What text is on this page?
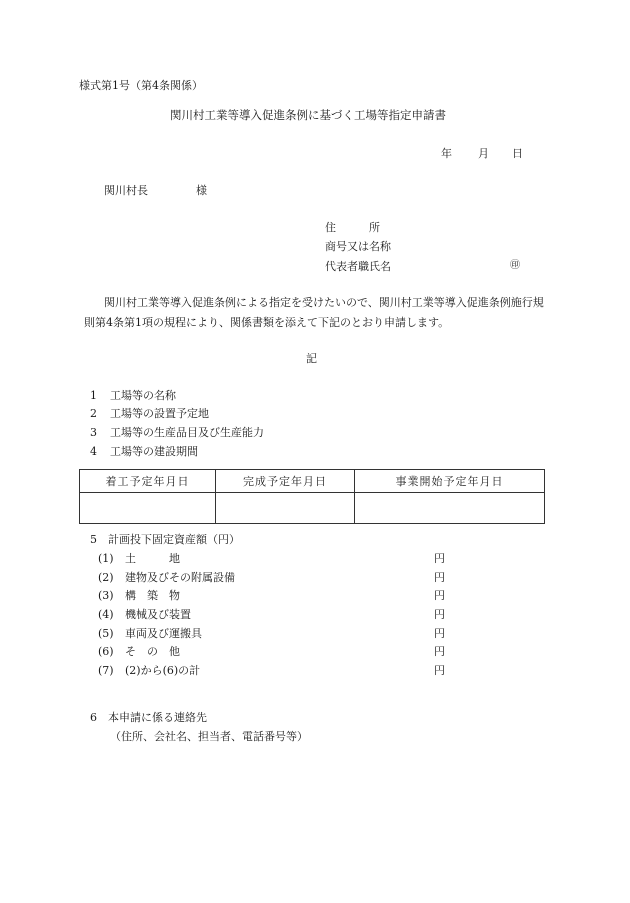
様式第1号（第4条関係）
関川村工業等導入促進条例に基づく工場等指定申請書
年 月 日
関川村長	様
住　　　所
商号又は名称
代表者職氏名	㊞
関川村工業等導入促進条例による指定を受けたいので、関川村工業等導入促進条例施行規則第4条第1項の規程により、関係書類を添えて下記のとおり申請します。
記
1 工場等の名称
2 工場等の設置予定地
3 工場等の生産品目及び生産能力
4 工場等の建設期間
着工予定年月日	完成予定年月日	事業開始予定年月日

5　計画投下固定資産額（円）
(1) 土　　　地	円
(2) 建物及びその附属設備	円
(3) 構　築　物	円
(4) 機械及び装置	円
(5) 車両及び運搬具	円
(6) そ　の　他	円
(7) (2)から(6)の計	円
6　本申請に係る連絡先
（住所、会社名、担当者、電話番号等）
